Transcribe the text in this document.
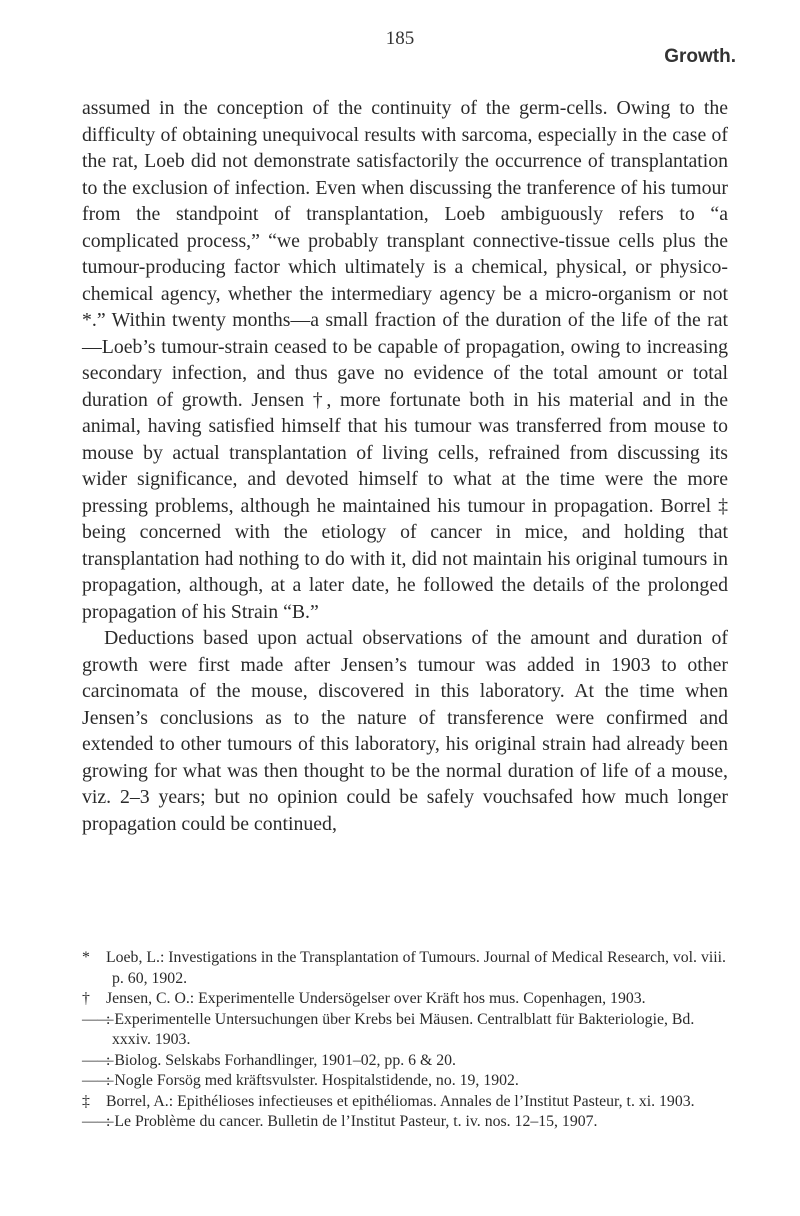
185
Growth.

assumed in the conception of the continuity of the germ-cells. Owing to the difficulty of obtaining unequivocal results with sarcoma, especially in the case of the rat, Loeb did not demonstrate satisfactorily the occurrence of transplantation to the exclusion of infection. Even when discussing the tranference of his tumour from the standpoint of transplantation, Loeb ambiguously refers to “a complicated process,” “we probably transplant connective-tissue cells plus the tumour-producing factor which ultimately is a chemical, physical, or physico-chemical agency, whether the intermediary agency be a micro-organism or not *.” Within twenty months—a small fraction of the duration of the life of the rat—Loeb’s tumour-strain ceased to be capable of propagation, owing to increasing secondary infection, and thus gave no evidence of the total amount or total duration of growth. Jensen †, more fortunate both in his material and in the animal, having satisfied himself that his tumour was transferred from mouse to mouse by actual transplantation of living cells, refrained from discussing its wider significance, and devoted himself to what at the time were the more pressing problems, although he maintained his tumour in propagation. Borrel ‡ being concerned with the etiology of cancer in mice, and holding that transplantation had nothing to do with it, did not maintain his original tumours in propagation, although, at a later date, he followed the details of the prolonged propagation of his Strain “B.”

Deductions based upon actual observations of the amount and duration of growth were first made after Jensen’s tumour was added in 1903 to other carcinomata of the mouse, discovered in this laboratory. At the time when Jensen’s conclusions as to the nature of transference were confirmed and extended to other tumours of this laboratory, his original strain had already been growing for what was then thought to be the normal duration of life of a mouse, viz. 2–3 years; but no opinion could be safely vouchsafed how much longer propagation could be continued,

* Loeb, L.: Investigations in the Transplantation of Tumours. Journal of Medical Research, vol. viii. p. 60, 1902.

† Jensen, C. O.: Experimentelle Undersögelser over Kräft hos mus. Copenhagen, 1903.

——: Experimentelle Untersuchungen über Krebs bei Mäusen. Centralblatt für Bakteriologie, Bd. xxxiv. 1903.

——: Biolog. Selskabs Forhandlinger, 1901–02, pp. 6 & 20.

——: Nogle Forsög med kräftsvulster. Hospitalstidende, no. 19, 1902.

‡ Borrel, A.: Epithélioses infectieuses et epithéliomas. Annales de l’Institut Pasteur, t. xi. 1903.

——: Le Problème du cancer. Bulletin de l’Institut Pasteur, t. iv. nos. 12–15, 1907.
